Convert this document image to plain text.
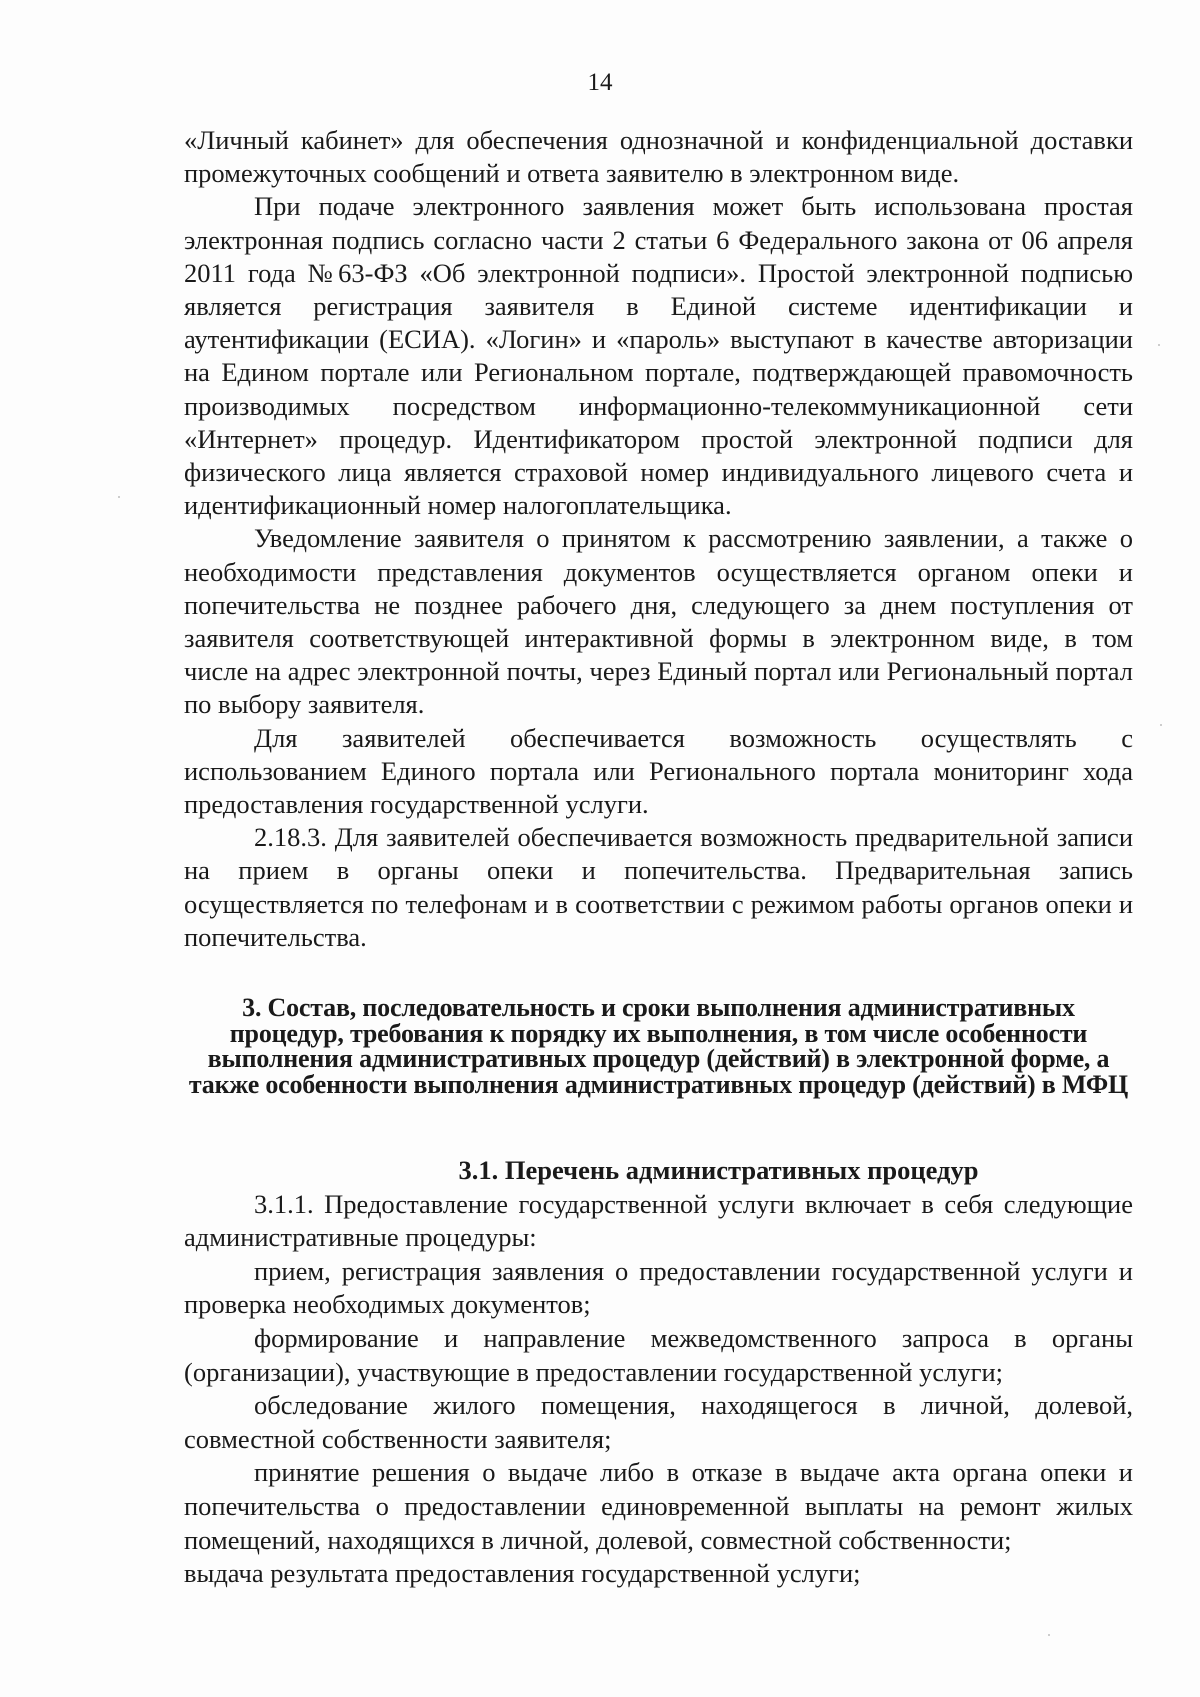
14

«Личный кабинет» для обеспечения однозначной и конфиденциальной доставки промежуточных сообщений и ответа заявителю в электронном виде.

При подаче электронного заявления может быть использована простая электронная подпись согласно части 2 статьи 6 Федерального закона от 06 апреля 2011 года №63-ФЗ «Об электронной подписи». Простой электронной подписью является регистрация заявителя в Единой системе идентификации и аутентификации (ЕСИА). «Логин» и «пароль» выступают в качестве авторизации на Едином портале или Региональном портале, подтверждающей правомочность производимых посредством информационно-телекоммуникационной сети «Интернет» процедур. Идентификатором простой электронной подписи для физического лица является страховой номер индивидуального лицевого счета и идентификационный номер налогоплательщика.

Уведомление заявителя о принятом к рассмотрению заявлении, а также о необходимости представления документов осуществляется органом опеки и попечительства не позднее рабочего дня, следующего за днем поступления от заявителя соответствующей интерактивной формы в электронном виде, в том числе на адрес электронной почты, через Единый портал или Региональный портал по выбору заявителя.

Для заявителей обеспечивается возможность осуществлять с использованием Единого портала или Регионального портала мониторинг хода предоставления государственной услуги.

2.18.3. Для заявителей обеспечивается возможность предварительной записи на прием в органы опеки и попечительства. Предварительная запись осуществляется по телефонам и в соответствии с режимом работы органов опеки и попечительства.

3. Состав, последовательность и сроки выполнения административных процедур, требования к порядку их выполнения, в том числе особенности выполнения административных процедур (действий) в электронной форме, а также особенности выполнения административных процедур (действий) в МФЦ

3.1. Перечень административных процедур

3.1.1. Предоставление государственной услуги включает в себя следующие административные процедуры:

прием, регистрация заявления о предоставлении государственной услуги и проверка необходимых документов;

формирование и направление межведомственного запроса в органы (организации), участвующие в предоставлении государственной услуги;

обследование жилого помещения, находящегося в личной, долевой, совместной собственности заявителя;

принятие решения о выдаче либо в отказе в выдаче акта органа опеки и попечительства о предоставлении единовременной выплаты на ремонт жилых помещений, находящихся в личной, долевой, совместной собственности;

выдача результата предоставления государственной услуги;
